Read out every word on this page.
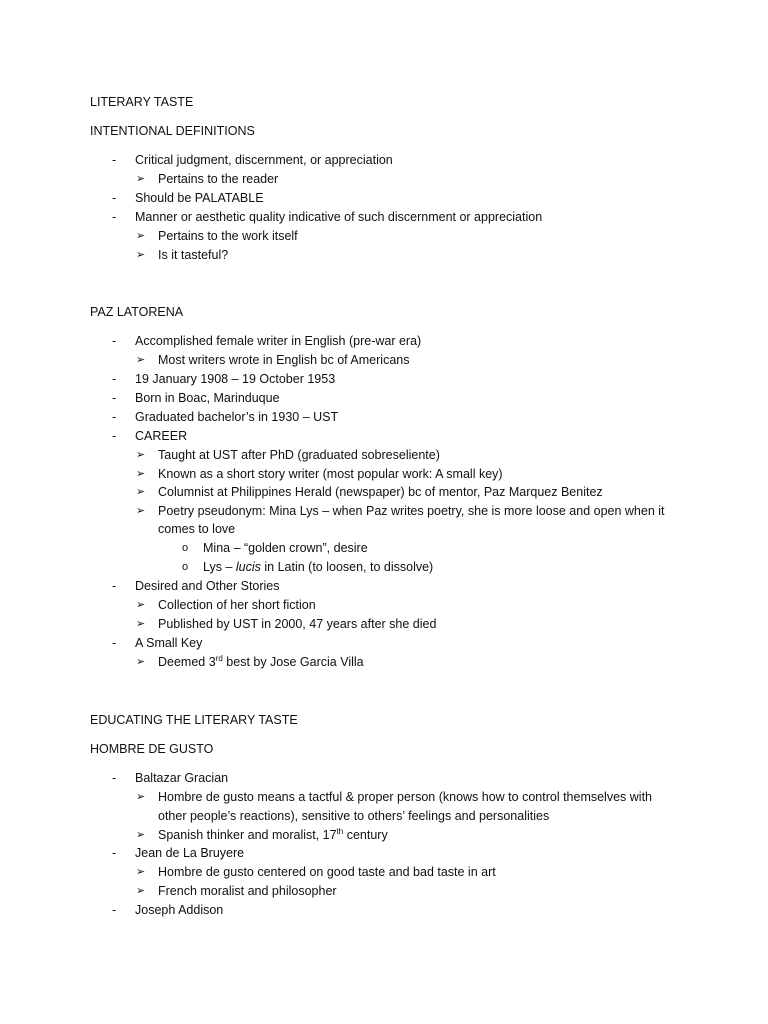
LITERARY TASTE
INTENTIONAL DEFINITIONS
- Critical judgment, discernment, or appreciation
➢ Pertains to the reader
- Should be PALATABLE
- Manner or aesthetic quality indicative of such discernment or appreciation
➢ Pertains to the work itself
➢ Is it tasteful?
PAZ LATORENA
- Accomplished female writer in English (pre-war era)
➢ Most writers wrote in English bc of Americans
- 19 January 1908 – 19 October 1953
- Born in Boac, Marinduque
- Graduated bachelor’s in 1930 – UST
- CAREER
➢ Taught at UST after PhD (graduated sobreseliente)
➢ Known as a short story writer (most popular work: A small key)
➢ Columnist at Philippines Herald (newspaper) bc of mentor, Paz Marquez Benitez
➢ Poetry pseudonym: Mina Lys – when Paz writes poetry, she is more loose and open when it
comes to love
o Mina – “golden crown”, desire
o Lys – lucis in Latin (to loosen, to dissolve)
- Desired and Other Stories
➢ Collection of her short fiction
➢ Published by UST in 2000, 47 years after she died
- A Small Key
➢ Deemed 3rd best by Jose Garcia Villa
EDUCATING THE LITERARY TASTE
HOMBRE DE GUSTO
- Baltazar Gracian
➢ Hombre de gusto means a tactful & proper person (knows how to control themselves with
other people’s reactions), sensitive to others’ feelings and personalities
➢ Spanish thinker and moralist, 17th century
- Jean de La Bruyere
➢ Hombre de gusto centered on good taste and bad taste in art
➢ French moralist and philosopher
- Joseph Addison
